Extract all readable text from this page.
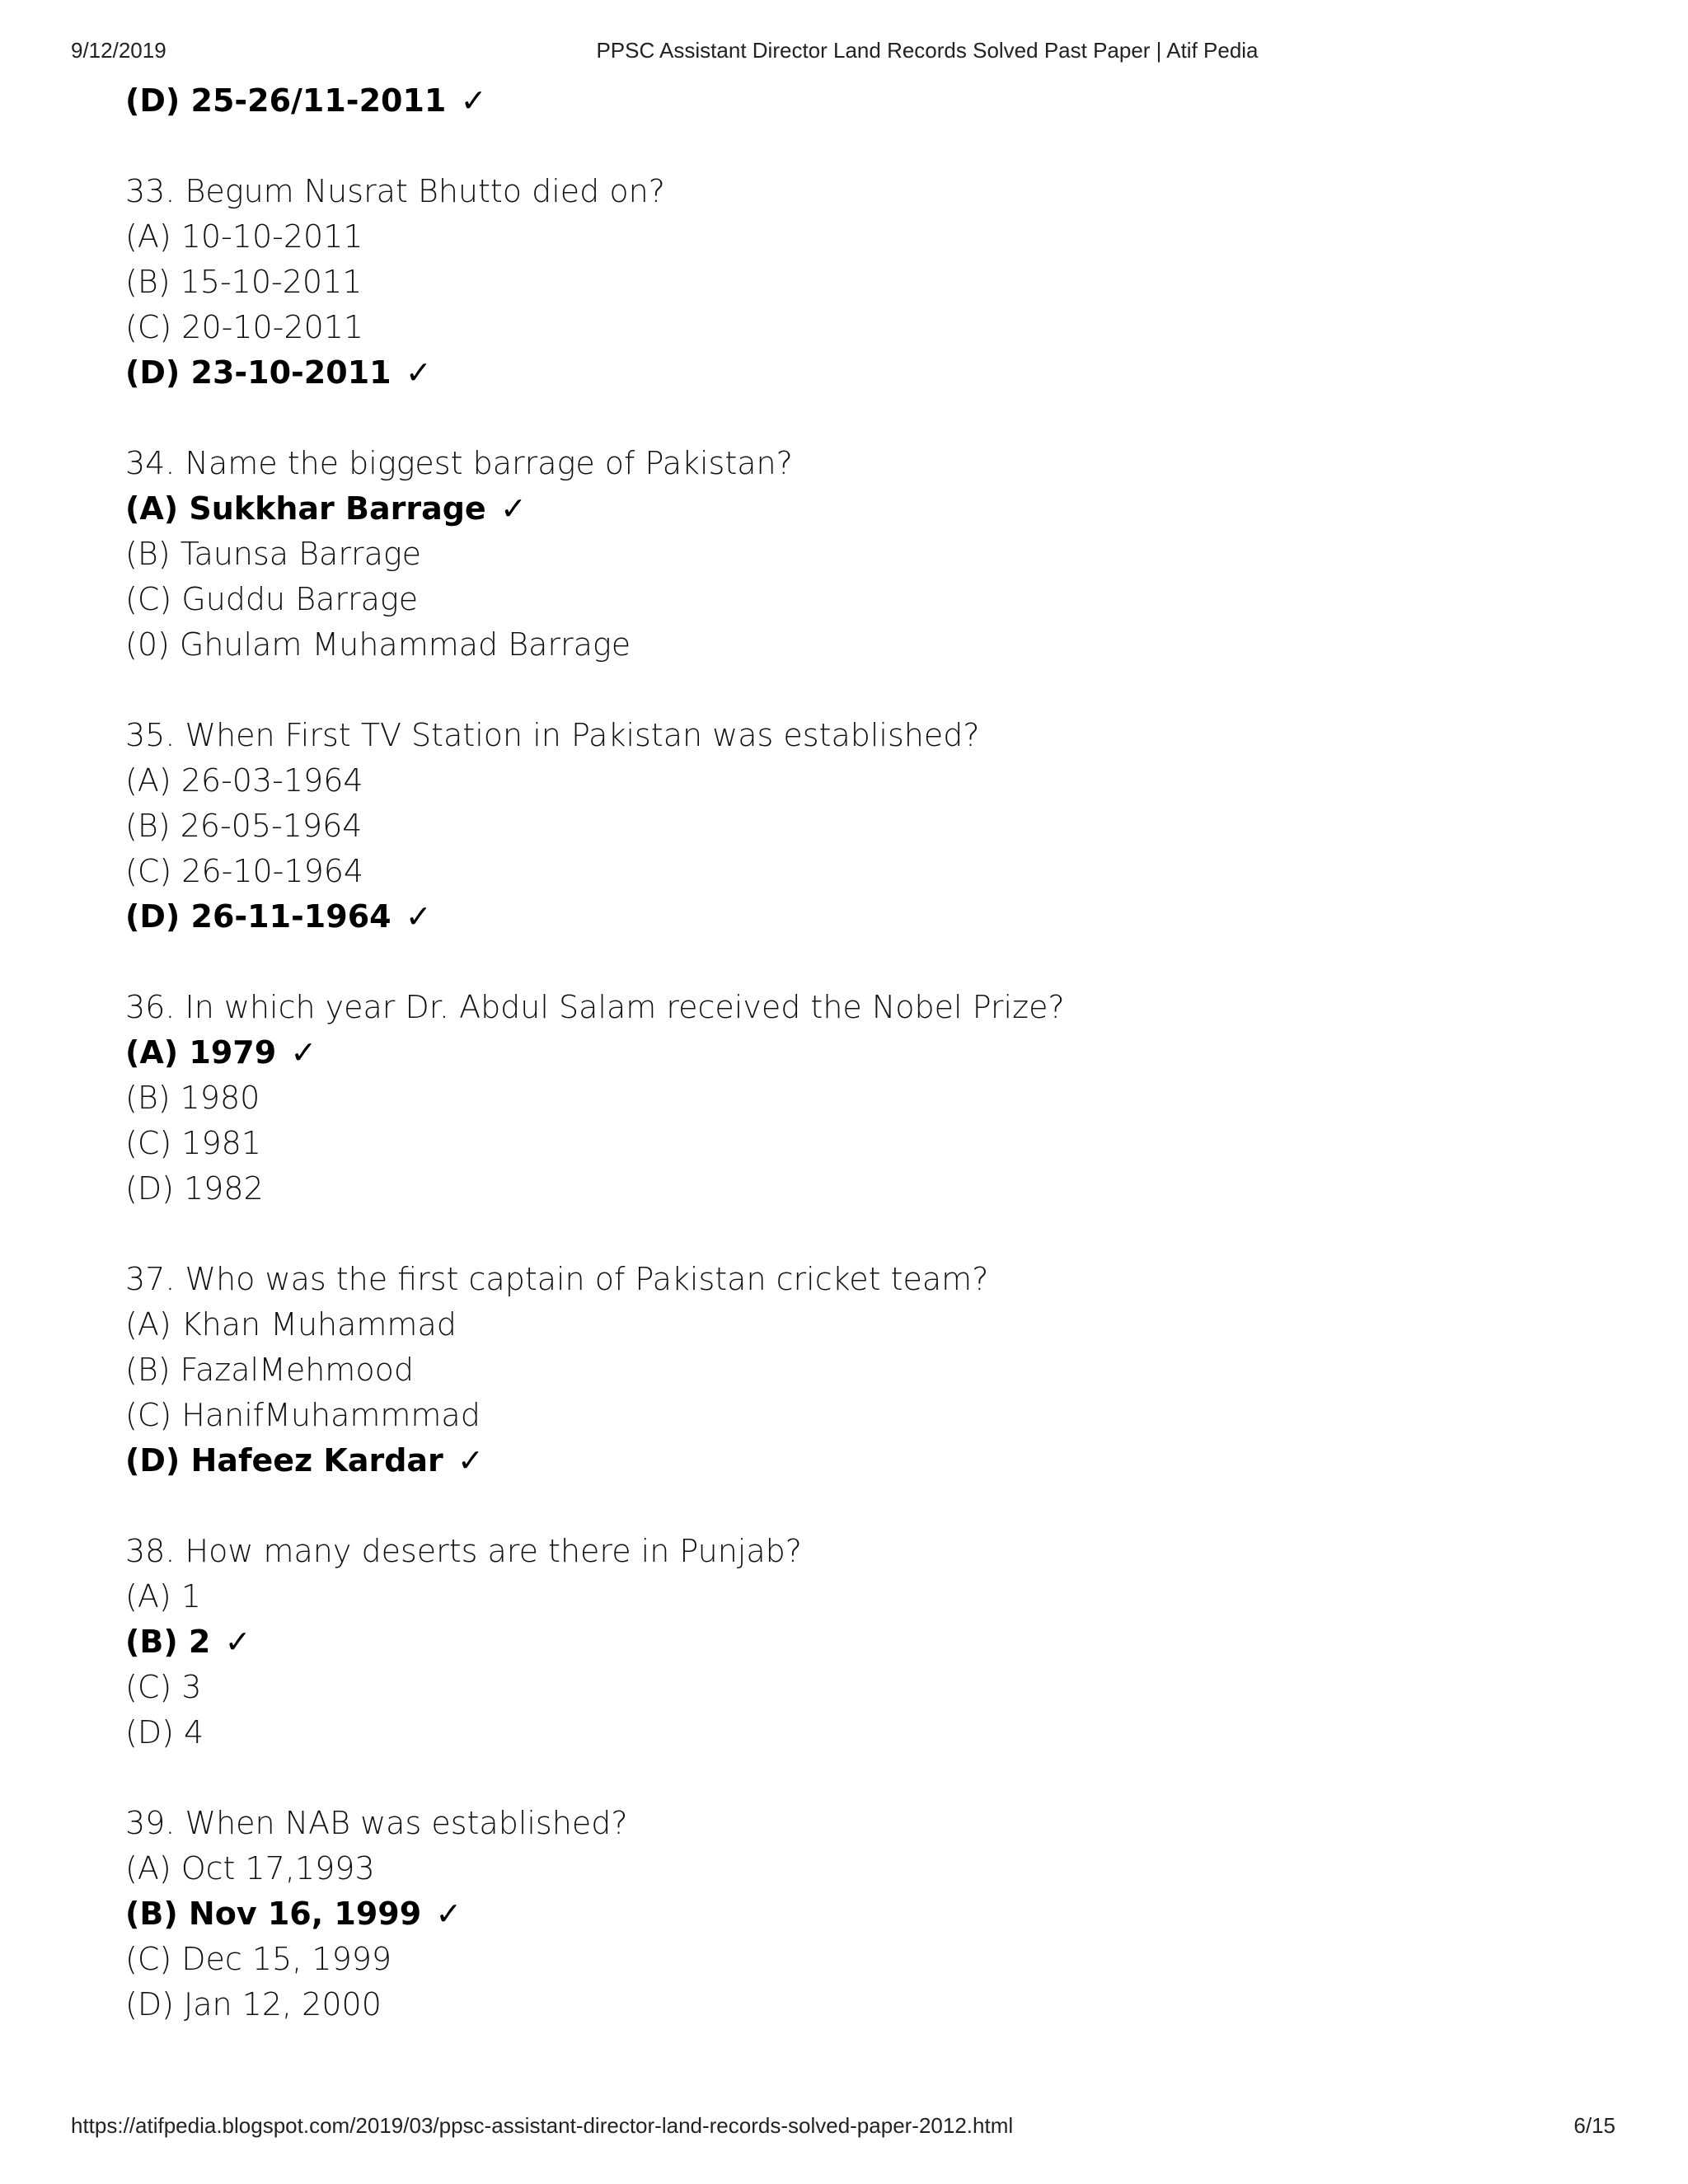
9/12/2019	PPSC Assistant Director Land Records Solved Past Paper | Atif Pedia
(D) 25-26/11-2011 ✓
33. Begum Nusrat Bhutto died on?
(A) 10-10-2011
(B) 15-10-2011
(C) 20-10-2011
(D) 23-10-2011 ✓
34. Name the biggest barrage of Pakistan?
(A) Sukkhar Barrage ✓
(B) Taunsa Barrage
(C) Guddu Barrage
(0) Ghulam Muhammad Barrage
35. When First TV Station in Pakistan was established?
(A) 26-03-1964
(B) 26-05-1964
(C) 26-10-1964
(D) 26-11-1964 ✓
36. In which year Dr. Abdul Salam received the Nobel Prize?
(A) 1979 ✓
(B) 1980
(C) 1981
(D) 1982
37. Who was the first captain of Pakistan cricket team?
(A) Khan Muhammad
(B) FazalMehmood
(C) HanifMuhammmad
(D) Hafeez Kardar ✓
38. How many deserts are there in Punjab?
(A) 1
(B) 2 ✓
(C) 3
(D) 4
39. When NAB was established?
(A) Oct 17,1993
(B) Nov 16, 1999 ✓
(C) Dec 15, 1999
(D) Jan 12, 2000
https://atifpedia.blogspot.com/2019/03/ppsc-assistant-director-land-records-solved-paper-2012.html	6/15
